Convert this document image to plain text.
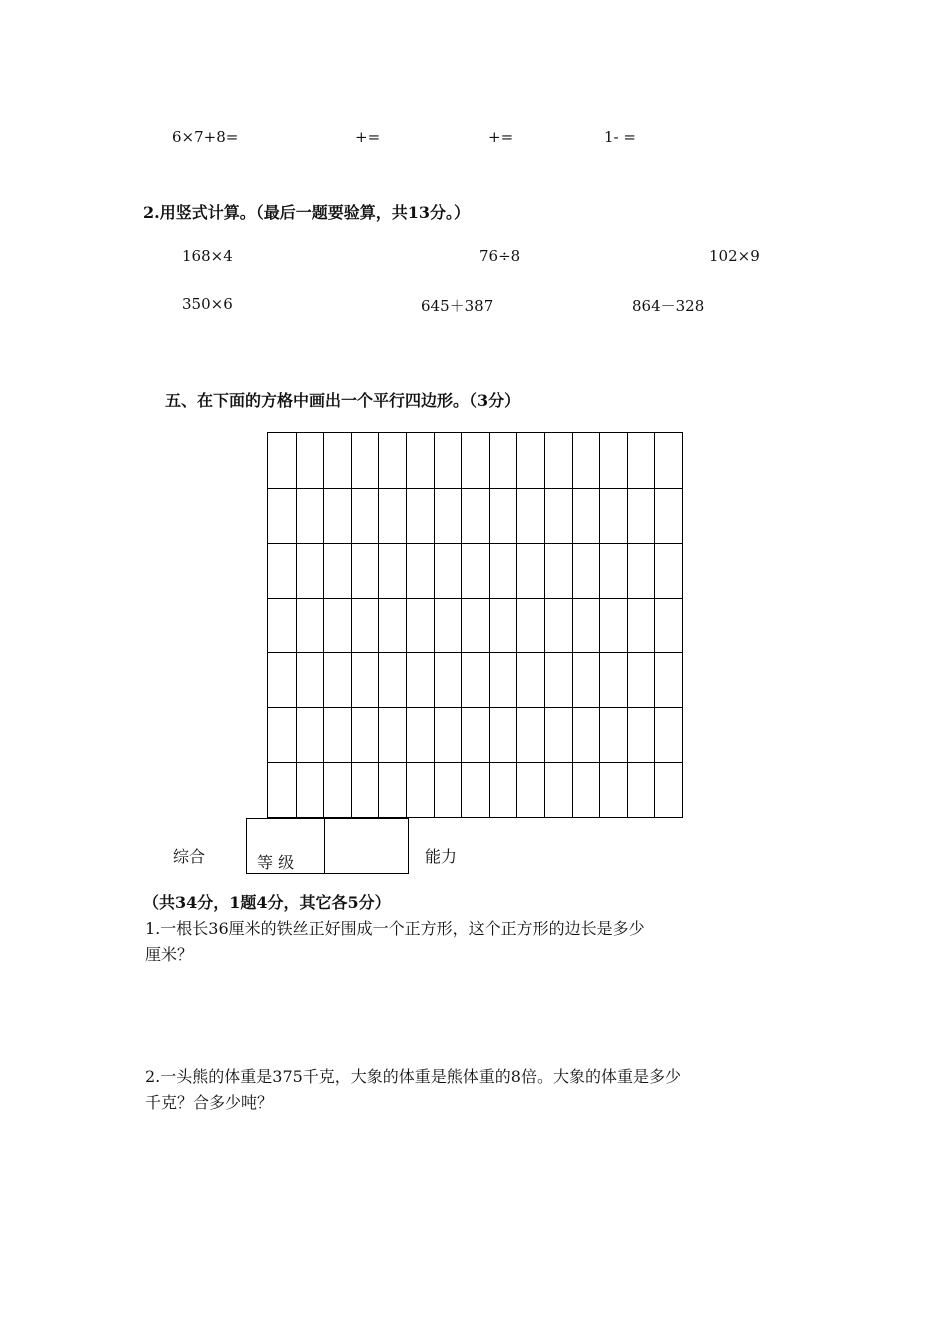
6×7+8=	+=	+=	1- =
2.用竖式计算。（最后一题要验算，共13分。）
168×4	76÷8	102×9
350×6	645＋387	864－328
五、在下面的方格中画出一个平行四边形。（3分）
综合	等 级	能力
（共34分，1题4分，其它各5分）
1.一根长36厘米的铁丝正好围成一个正方形，这个正方形的边长是多少
厘米？
2.一头熊的体重是375千克，大象的体重是熊体重的8倍。大象的体重是多少
千克？合多少吨？
